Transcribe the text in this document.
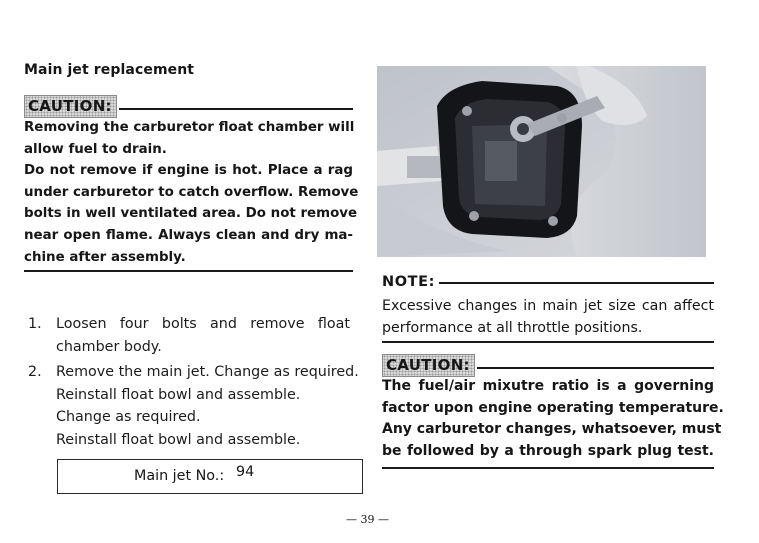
Main jet replacement
CAUTION:
Removing the carburetor float chamber will
allow fuel to drain.
Do not remove if engine is hot. Place a rag
under carburetor to catch overflow. Remove
bolts in well ventilated area. Do not remove
near open flame. Always clean and dry ma-
chine after assembly.
1. Loosen four bolts and remove float
chamber body.
2. Remove the main jet. Change as required.
Reinstall float bowl and assemble.
Change as required.
Reinstall float bowl and assemble.
Main jet No.: 94
NOTE:
Excessive changes in main jet size can affect
performance at all throttle positions.
CAUTION:
The fuel/air mixutre ratio is a governing
factor upon engine operating temperature.
Any carburetor changes, whatsoever, must
be followed by a through spark plug test.
— 39 —
